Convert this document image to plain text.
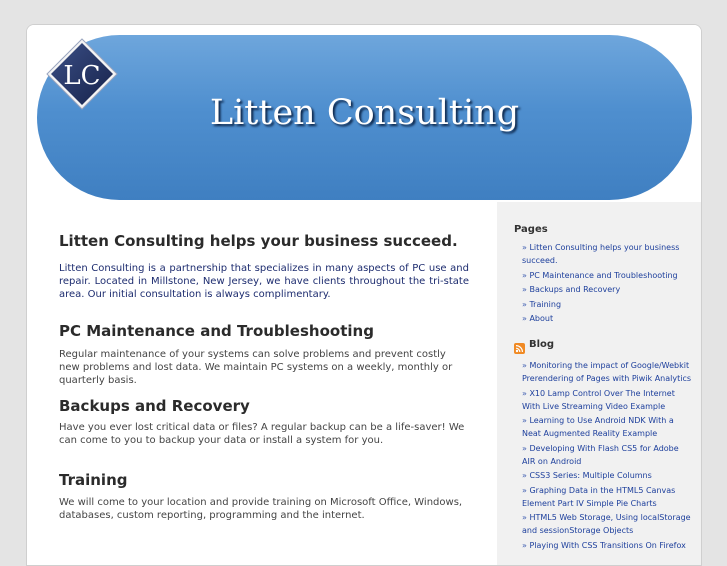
Litten Consulting
LC
Litten Consulting helps your business succeed.

Litten Consulting is a partnership that specializes in many aspects of PC use and repair. Located in Millstone, New Jersey, we have clients throughout the tri-state area. Our initial consultation is always complimentary.

PC Maintenance and Troubleshooting

Regular maintenance of your systems can solve problems and prevent costly new problems and lost data. We maintain PC systems on a weekly, monthly or quarterly basis.

Backups and Recovery

Have you ever lost critical data or files? A regular backup can be a life-saver! We can come to you to backup your data or install a system for you.

Training

We will come to your location and provide training on Microsoft Office, Windows, databases, custom reporting, programming and the internet.

Pages
» Litten Consulting helps your business succeed.
» PC Maintenance and Troubleshooting
» Backups and Recovery
» Training
» About
Blog
» Monitoring the impact of Google/Webkit Prerendering of Pages with Piwik Analytics
» X10 Lamp Control Over The Internet With Live Streaming Video Example
» Learning to Use Android NDK With a Neat Augmented Reality Example
» Developing With Flash CS5 for Adobe AIR on Android
» CSS3 Series: Multiple Columns
» Graphing Data in the HTML5 Canvas Element Part IV Simple Pie Charts
» HTML5 Web Storage, Using localStorage and sessionStorage Objects
» Playing With CSS Transitions On Firefox
